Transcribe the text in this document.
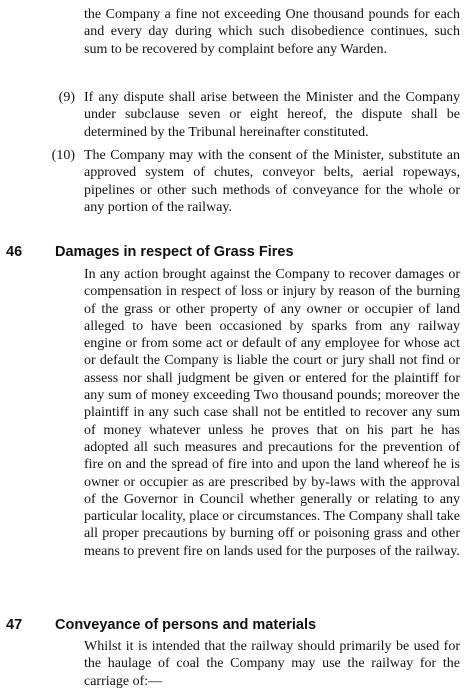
the Company a fine not exceeding One thousand pounds for each and every day during which such disobedience continues, such sum to be recovered by complaint before any Warden.

(9) If any dispute shall arise between the Minister and the Company under subclause seven or eight hereof, the dispute shall be determined by the Tribunal hereinafter constituted.

(10) The Company may with the consent of the Minister, substitute an approved system of chutes, conveyor belts, aerial ropeways, pipelines or other such methods of conveyance for the whole or any portion of the railway.

46 Damages in respect of Grass Fires

In any action brought against the Company to recover damages or compensation in respect of loss or injury by reason of the burning of the grass or other property of any owner or occupier of land alleged to have been occasioned by sparks from any railway engine or from some act or default of any employee for whose act or default the Company is liable the court or jury shall not find or assess nor shall judgment be given or entered for the plaintiff for any sum of money exceeding Two thousand pounds; moreover the plaintiff in any such case shall not be entitled to recover any sum of money whatever unless he proves that on his part he has adopted all such measures and precautions for the prevention of fire on and the spread of fire into and upon the land whereof he is owner or occupier as are prescribed by by-laws with the approval of the Governor in Council whether generally or relating to any particular locality, place or circumstances. The Company shall take all proper precautions by burning off or poisoning grass and other means to prevent fire on lands used for the purposes of the railway.

47 Conveyance of persons and materials

Whilst it is intended that the railway should primarily be used for the haulage of coal the Company may use the railway for the carriage of:—
